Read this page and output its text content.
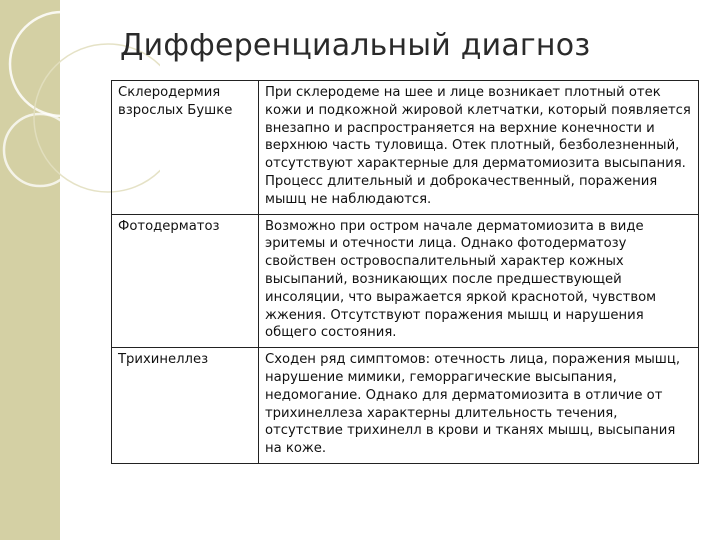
Дифференциальный диагноз
Склеродермия взрослых Бушке	При склеродеме на шее и лице возникает плотный отек кожи и подкожной жировой клетчатки, который появляется внезапно и распространяется на верхние конечности и верхнюю часть туловища. Отек плотный, безболезненный, отсутствуют характерные для дерматомиозита высыпания. Процесс длительный и доброкачественный, поражения мышц не наблюдаются.
Фотодерматоз	Возможно при остром начале дерматомиозита в виде эритемы и отечности лица. Однако фотодерматозу свойствен островоспалительный характер кожных высыпаний, возникающих после предшествующей инсоляции, что выражается яркой краснотой, чувством жжения. Отсутствуют поражения мышц и нарушения общего состояния.
Трихинеллез	Сходен ряд симптомов: отечность лица, поражения мышц, нарушение мимики, геморрагические высыпания, недомогание. Однако для дерматомиозита в отличие от трихинеллеза характерны длительность течения, отсутствие трихинелл в крови и тканях мышц, высыпания на коже.
